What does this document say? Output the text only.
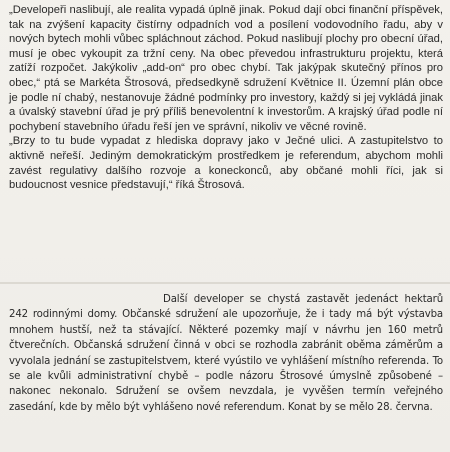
„Developeři naslibují, ale realita vypadá úplně jinak. Pokud dají obci finanční příspěvek, tak na zvýšení kapacity čistírny odpadních vod a posílení vodovodního řadu, aby v nových bytech mohli vůbec spláchnout záchod. Pokud naslibují plochy pro obecní úřad, musí je obec vykoupit za tržní ceny. Na obec převedou infrastrukturu projektu, která zatíží rozpočet. Jakýkoliv „add-on“ pro obec chybí. Tak jakýpak skutečný přínos pro obec,“ ptá se Markéta Štrosová, předsedkyně sdružení Květnice II. Územní plán obce je podle ní chabý, nestanovuje žádné podmínky pro investory, každý si jej vykládá jinak a úvalský stavební úřad je prý příliš benevolentní k investorům. A krajský úřad podle ní pochybení stavebního úřadu řeší jen ve správní, nikoliv ve věcné rovině.

„Brzy to tu bude vypadat z hlediska dopravy jako v Ječné ulici. A zastupitelstvo to aktivně neřeší. Jediným demokratickým prostředkem je referendum, abychom mohli zavést regulativy dalšího rozvoje a koneckonců, aby občané mohli říci, jak si budoucnost vesnice představují,“ říká Štrosová.

Další developer se chystá zastavět jedenáct hektarů 242 rodinnými domy. Občanské sdružení ale upozorňuje, že i tady má být výstavba mnohem hustší, než ta stávající. Některé pozemky mají v návrhu jen 160 metrů čtverečních. Občanská sdružení činná v obci se rozhodla zabránit oběma záměrům a vyvolala jednání se zastupitelstvem, které vyústilo ve vyhlášení místního referenda. To se ale kvůli administrativní chybě – podle názoru Štrosové úmyslně způsobené – nakonec nekonalo. Sdružení se ovšem nevzdala, je vyvěšen termín veřejného zasedání, kde by mělo být vyhlášeno nové referendum. Konat by se mělo 28. června.
